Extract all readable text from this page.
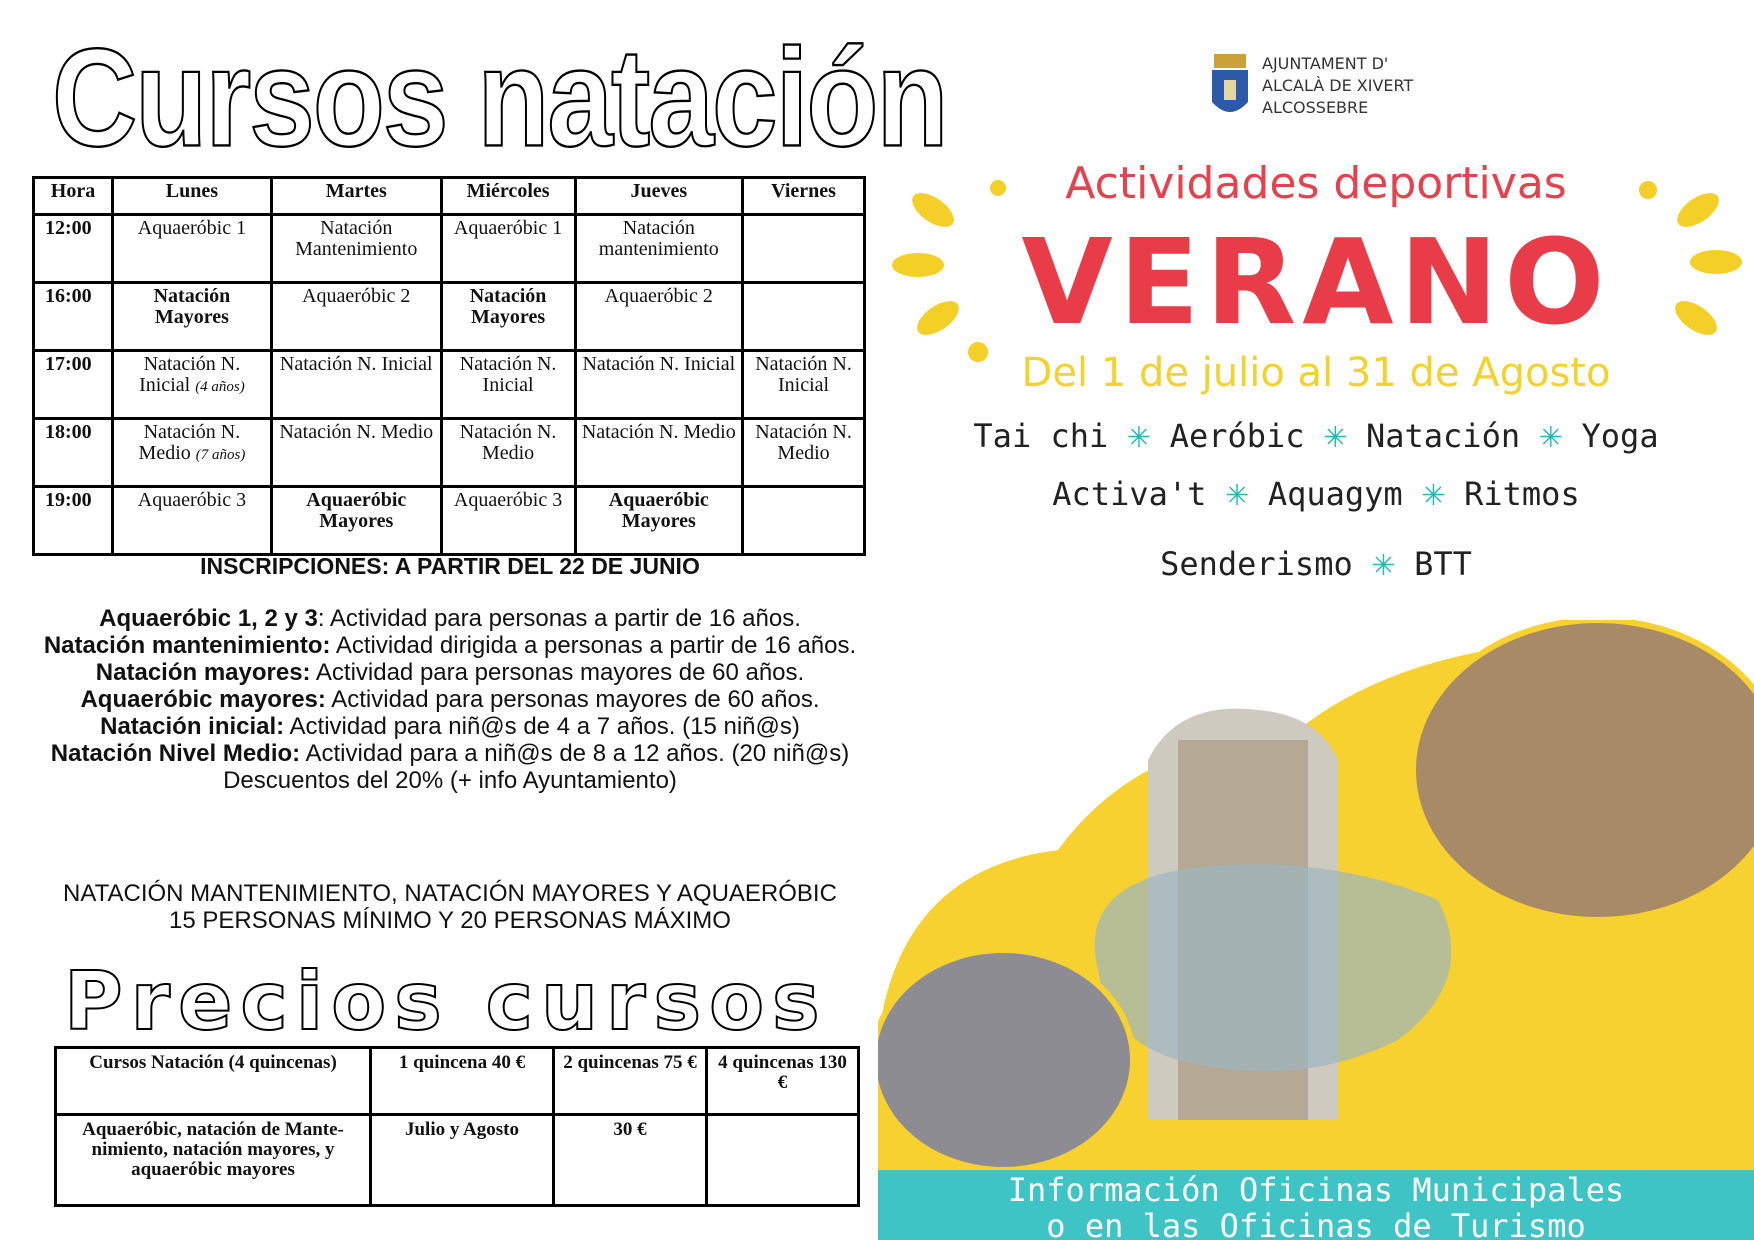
Cursos natación
Hora	Lunes	Martes	Miércoles	Jueves	Viernes
12:00	Aquaeróbic 1	Natación Mantenimiento	Aquaeróbic 1	Natación mantenimiento	
16:00	Natación Mayores	Aquaeróbic 2	Natación Mayores	Aquaeróbic 2	
17:00	Natación N. Inicial (4 años)	Natación N. Inicial	Natación N. Inicial	Natación N. Inicial	Natación N. Inicial
18:00	Natación N. Medio (7 años)	Natación N. Medio	Natación N. Medio	Natación N. Medio	Natación N. Medio
19:00	Aquaeróbic 3	Aquaeróbic Mayores	Aquaeróbic 3	Aquaeróbic Mayores	
INSCRIPCIONES: A PARTIR DEL 22 DE JUNIO

Aquaeróbic 1, 2 y 3: Actividad para personas a partir de 16 años.

Natación mantenimiento: Actividad dirigida a personas a partir de 16 años.

Natación mayores: Actividad para personas mayores de 60 años.

Aquaeróbic mayores: Actividad para personas mayores de 60 años.

Natación inicial: Actividad para niñ@s de 4 a 7 años. (15 niñ@s)

Natación Nivel Medio: Actividad para a niñ@s de 8 a 12 años. (20 niñ@s)

Descuentos del 20% (+ info Ayuntamiento)

NATACIÓN MANTENIMIENTO, NATACIÓN MAYORES Y AQUAERÓBIC
15 PERSONAS MÍNIMO Y 20 PERSONAS MÁXIMO
Precios cursos
Cursos Natación (4 quincenas)	1 quincena 40 €	2 quincenas 75 €	4 quincenas 130 €
Aquaeróbic, natación de Mante-nimiento, natación mayores, y aquaeróbic mayores	Julio y Agosto	30 €	
AJUNTAMENT D'
ALCALÀ DE XIVERT
ALCOSSEBRE
Actividades deportivas
VERANO
Del 1 de julio al 31 de Agosto
Tai chi ✳ Aeróbic ✳ Natación ✳ Yoga
Activa't ✳ Aquagym ✳ Ritmos
Senderismo ✳ BTT
Información Oficinas Municipales
o en las Oficinas de Turismo
